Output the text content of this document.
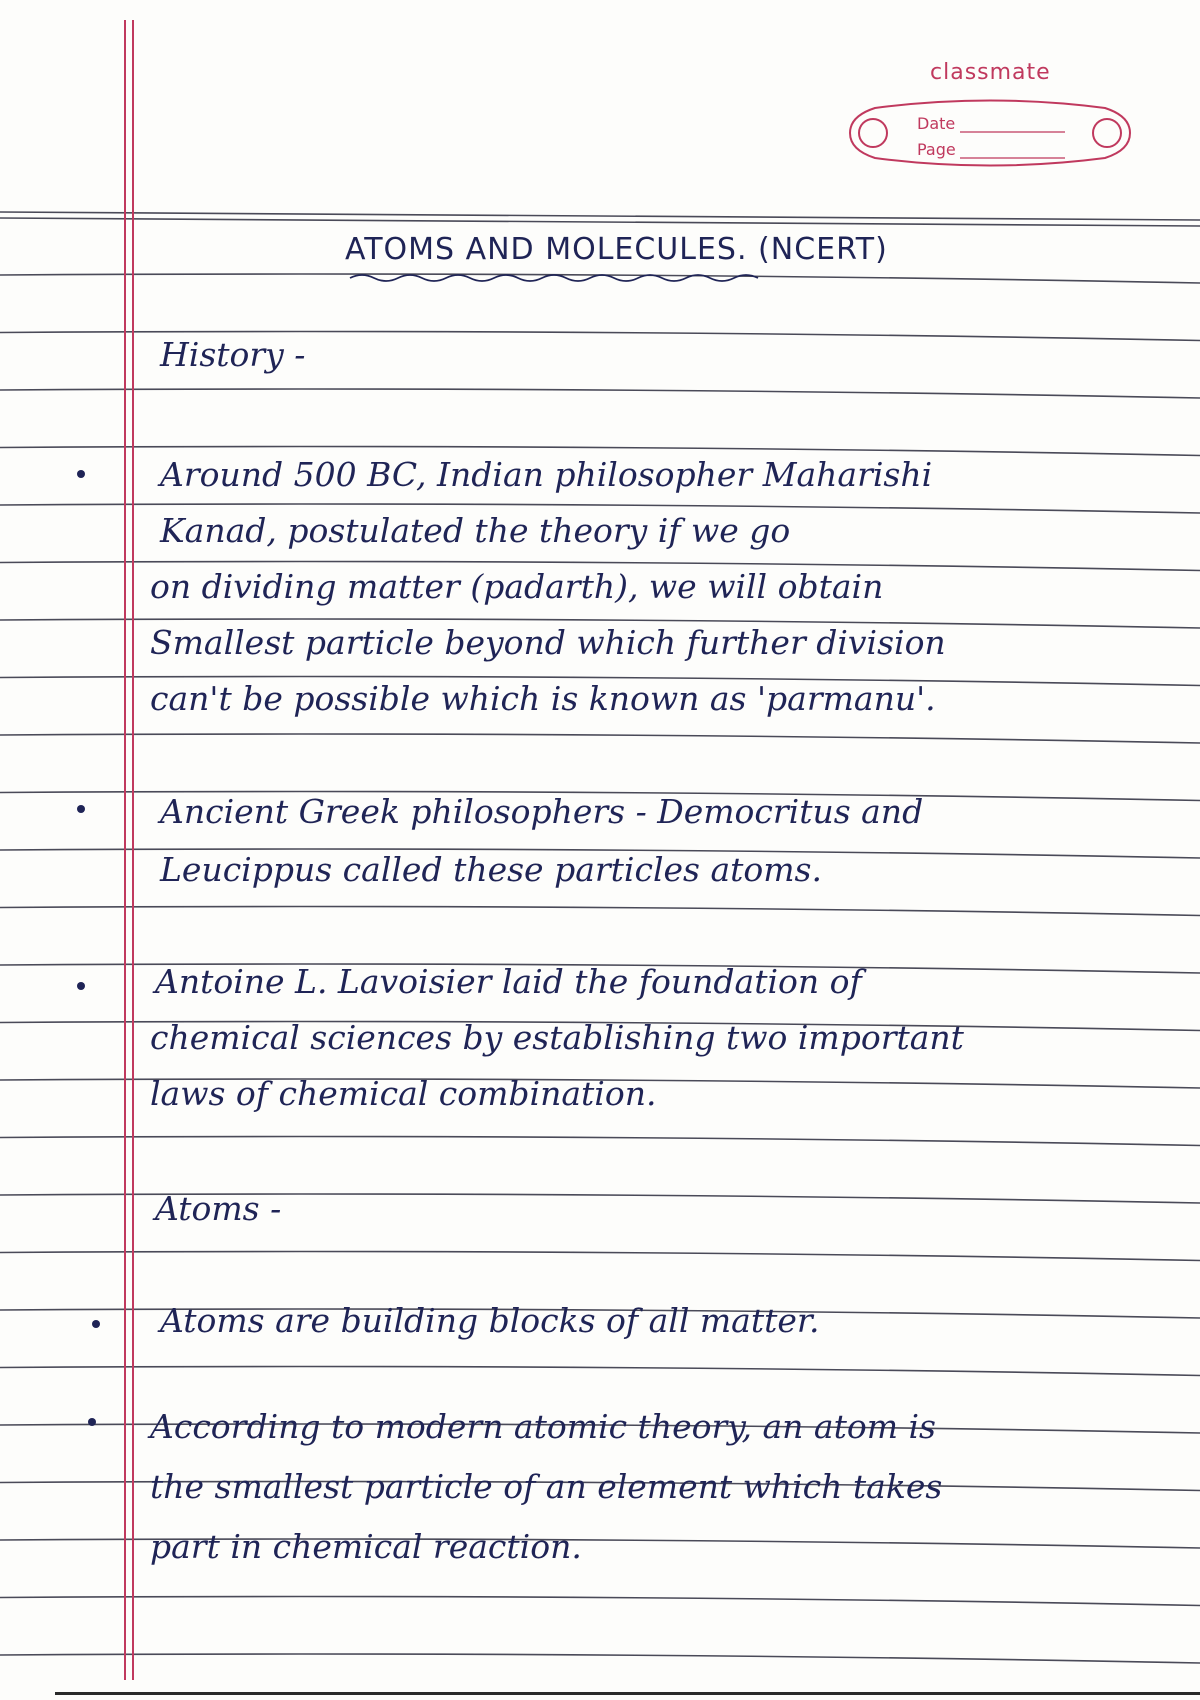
classmate
Date
Page
ATOMS AND MOLECULES. (NCERT)
History -
Around 500 BC, Indian philosopher Maharishi
Kanad, postulated the theory if we go
on dividing matter (padarth), we will obtain
Smallest particle beyond which further division
can't be possible which is known as 'parmanu'.
Ancient Greek philosophers - Democritus and
Leucippus called these particles atoms.
Antoine L. Lavoisier laid the foundation of
chemical sciences by establishing two important
laws of chemical combination.
Atoms -
Atoms are building blocks of all matter.
According to modern atomic theory, an atom is
the smallest particle of an element which takes
part in chemical reaction.
